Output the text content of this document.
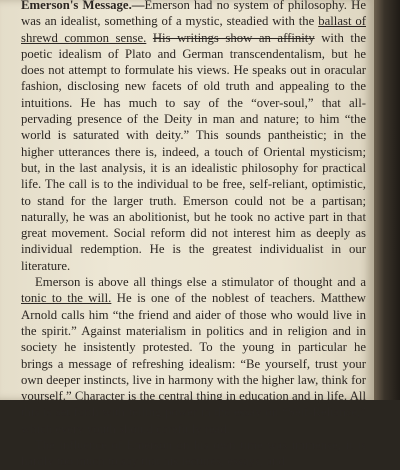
Emerson's Message.—Emerson had no system of philosophy. He was an idealist, something of a mystic, steadied with the ballast of shrewd common sense. His writings show an affinity with the poetic idealism of Plato and German transcendentalism, but he does not attempt to formulate his views. He speaks out in oracular fashion, disclosing new facets of old truth and appealing to the intuitions. He has much to say of the “over-soul,” that all-pervading presence of the Deity in man and nature; to him “the world is saturated with deity.” This sounds pantheistic; in the higher utterances there is, indeed, a touch of Oriental mysticism; but, in the last analysis, it is an idealistic philosophy for practical life. The call is to the individual to be free, self-reliant, optimistic, to stand for the larger truth. Emerson could not be a partisan; naturally, he was an abolitionist, but he took no active part in that great movement. Social reform did not interest him as deeply as individual redemption. He is the greatest individualist in our literature.

Emerson is above all things else a stimulator of thought and a tonic to the will. He is one of the noblest of teachers. Matthew Arnold calls him “the friend and aider of those who would live in the spirit.” Against materialism in politics and in religion and in society he insistently protested. To the young in particular he brings a message of refreshing idealism: “Be yourself, trust your own deeper instincts, live in harmony with the higher law, think for yourself.” Character is the central thing in education and in life. All this is set forth with telling power in the essay on “Self-Reliance,” which every youth should carefully read.

The influence of Emerson on his own time was immense; it is hardly too much to say that his lectures, essays, and
